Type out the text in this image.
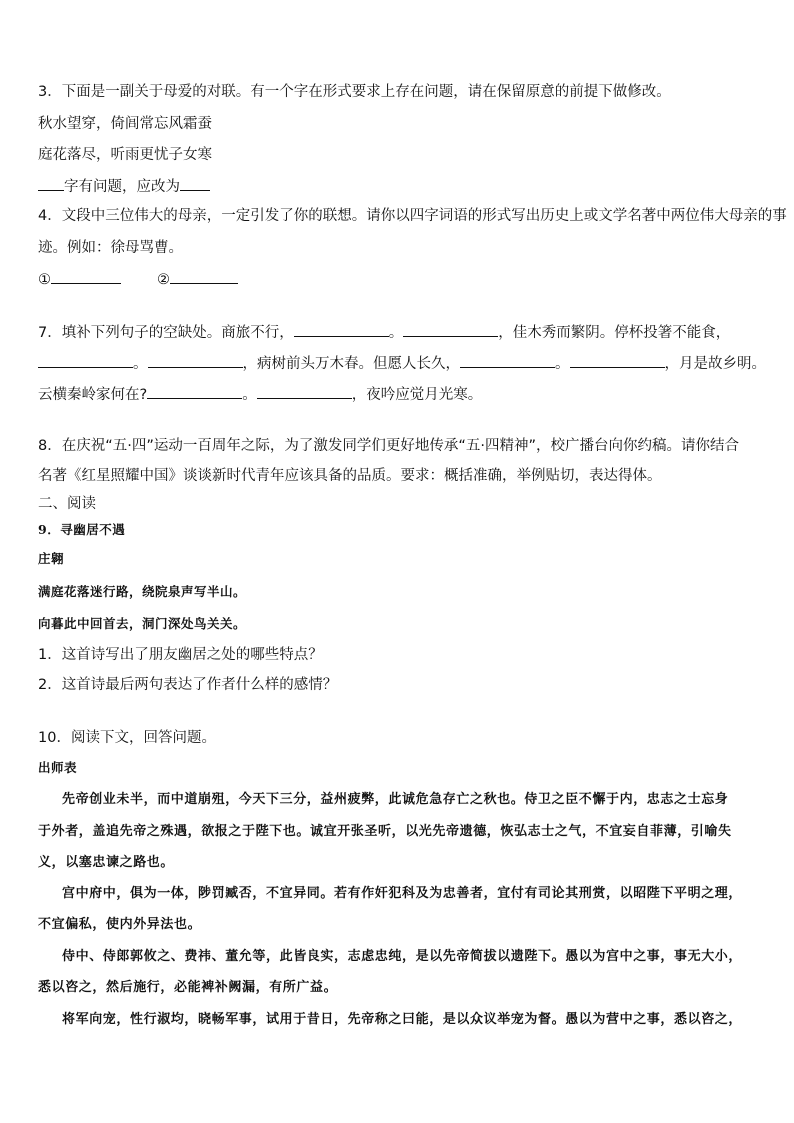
3．下面是一副关于母爱的对联。有一个字在形式要求上存在问题，请在保留原意的前提下做修改。
秋水望穿，倚闾常忘风霜蚕
庭花落尽，听雨更忧子女寒
字有问题，应改为
4．文段中三位伟大的母亲，一定引发了你的联想。请你以四字词语的形式写出历史上或文学名著中两位伟大母亲的事
迹。例如：徐母骂曹。
①	②
7．填补下列句子的空缺处。商旅不行，	。	，佳木秀而繁阴。停杯投箸不能食，
。	，病树前头万木春。但愿人长久，	。	，月是故乡明。
云横秦岭家何在?	。	，夜吟应觉月光寒。
8．在庆祝“五·四”运动一百周年之际，为了激发同学们更好地传承“五·四精神”，校广播台向你约稿。请你结合
名著《红星照耀中国》谈谈新时代青年应该具备的品质。要求：概括准确，举例贴切，表达得体。
二、阅读
9．寻幽居不遇
庄翱
满庭花落迷行路，绕院泉声写半山。
向暮此中回首去，洞门深处鸟关关。
1．这首诗写出了朋友幽居之处的哪些特点？
2．这首诗最后两句表达了作者什么样的感情？
10．阅读下文，回答问题。
出师表
先帝创业未半，而中道崩殂，今天下三分，益州疲弊，此诚危急存亡之秋也。侍卫之臣不懈于内，忠志之士忘身
于外者，盖追先帝之殊遇，欲报之于陛下也。诚宜开张圣听，以光先帝遗德，恢弘志士之气，不宜妄自菲薄，引喻失
义，以塞忠谏之路也。
宫中府中，俱为一体，陟罚臧否，不宜异同。若有作奸犯科及为忠善者，宜付有司论其刑赏，以昭陛下平明之理，
不宜偏私，使内外异法也。
侍中、侍郎郭攸之、费祎、董允等，此皆良实，志虑忠纯，是以先帝简拔以遗陛下。愚以为宫中之事，事无大小，
悉以咨之，然后施行，必能裨补阙漏，有所广益。
将军向宠，性行淑均，晓畅军事，试用于昔日，先帝称之曰能，是以众议举宠为督。愚以为营中之事，悉以咨之，
